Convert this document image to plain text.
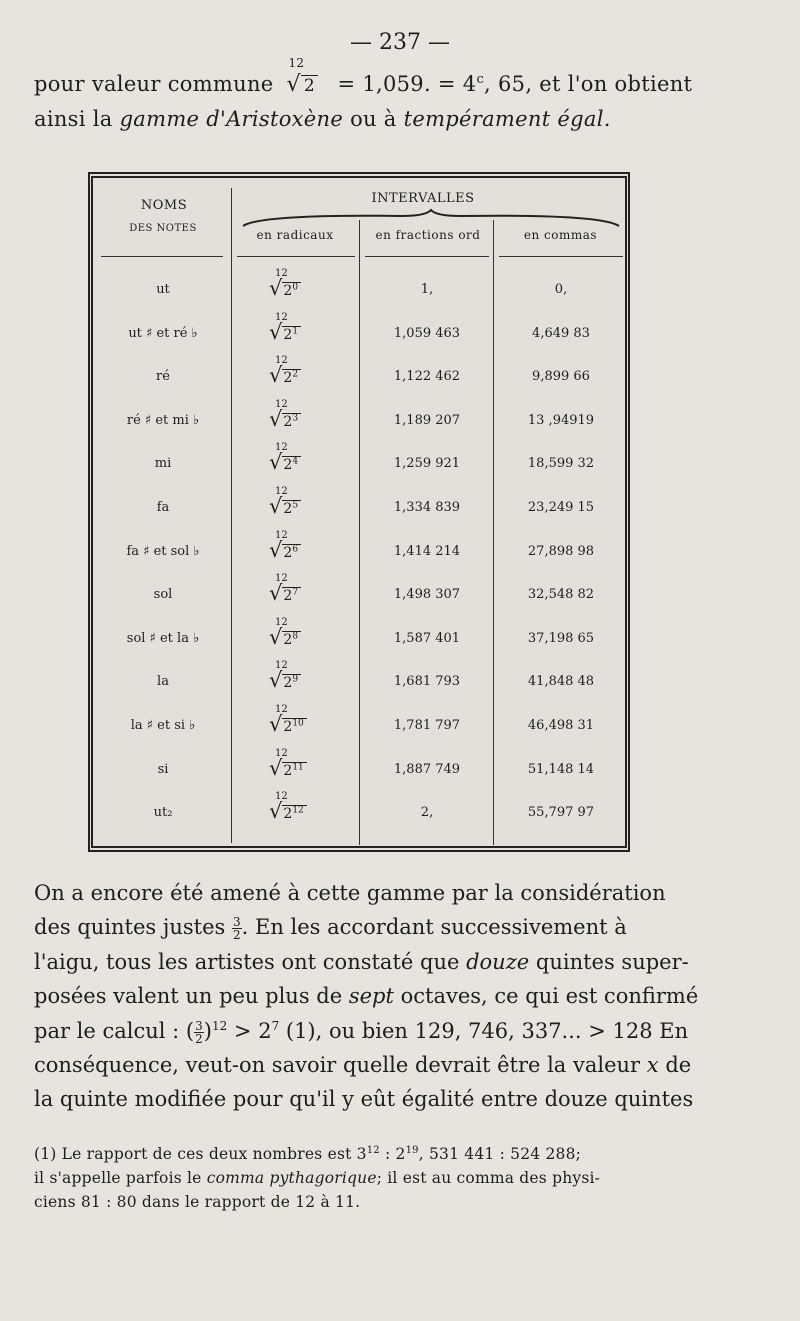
— 237 —
pour valeur commune
12
√ 2 = 1,059. = $4^c$, 65, et l'on obtient
ainsi la gamme d'Aristoxène ou à tempérament égal.
NOMS
DES NOTES
INTERVALLES
en radicaux	en fractions ord	en commas
ut
12
$√2^0$	1,	0,
ut ♯ et ré ♭
12
$√2^1$	1,059 463	4,649 83
ré
12
$√2^2$	1,122 462	9,899 66
ré ♯ et mi ♭
12
$√2^3$	1,189 207	13 ,94919
mi
12
$√2^4$	1,259 921	18,599 32
fa
12
$√2^5$	1,334 839	23,249 15
fa ♯ et sol ♭
12
$√2^6$	1,414 214	27,898 98
sol
12
$√2^7$	1,498 307	32,548 82
sol ♯ et la ♭
12
$√2^8$	1,587 401	37,198 65
la
12
$√2^9$	1,681 793	41,848 48
la ♯ et si ♭
12
$√2^{10}$	1,781 797	46,498 31
si
12
$√2^{11}$	1,887 749	51,148 14
ut₂
12
$√2^{12}$	2,	55,797 97
On a encore été amené à cette gamme par la considération
des quintes justes $\frac{3}{2}$ . En les accordant successivement à
l'aigu, tous les artistes ont constaté que douze quintes super-
posées valent un peu plus de sept octaves, ce qui est confirmé
par le calcul : ( $\frac{3}{2} )^{12} > 2^7$ (1), ou bien 129, 746, 337... > 128 En
conséquence, veut-on savoir quelle devrait être la valeur x de
la quinte modifiée pour qu'il y eût égalité entre douze quintes
(1) Le rapport de ces deux nombres est $3^{12}$ : $2^{19}$, 531 441 : 524 288;
il s'appelle parfois le comma pythagorique; il est au comma des physi-
ciens 81 : 80 dans le rapport de 12 à 11.
